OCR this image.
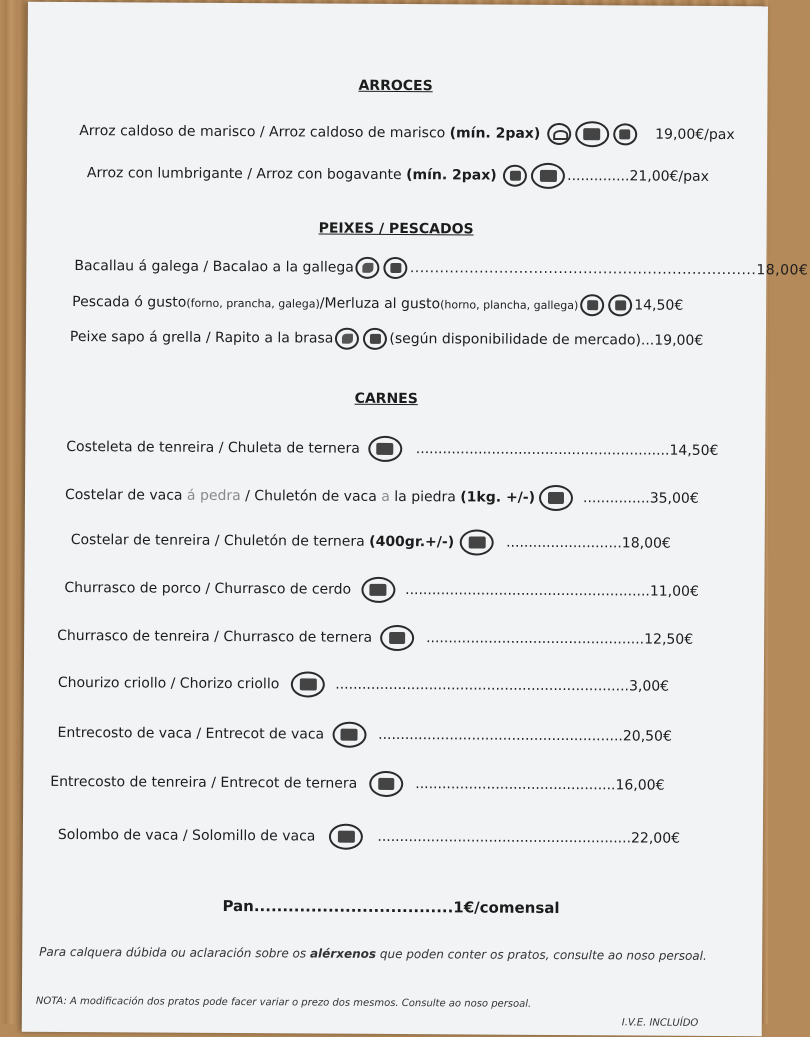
ARROCES
Arroz caldoso de marisco / Arroz caldoso de marisco (mín. 2pax)	19,00€/pax
Arroz con lumbrigante / Arroz con bogavante (mín. 2pax)	..............21,00€/pax
PEIXES / PESCADOS
Bacallau á galega / Bacalao a la gallega	......................................................................18,00€
Pescada ó gusto(forno, prancha, galega)/Merluza al gusto(horno, plancha, gallega)	14,50€
Peixe sapo á grella / Rapito a la brasa	(según disponibilidade de mercado)...19,00€
CARNES
Costeleta de tenreira / Chuleta de ternera	.........................................................14,50€
Costelar de vaca á pedra / Chuletón de vaca a la piedra (1kg. +/-)	...............35,00€
Costelar de tenreira / Chuletón de ternera (400gr.+/-)	..........................18,00€
Churrasco de porco / Churrasco de cerdo	.......................................................11,00€
Churrasco de tenreira / Churrasco de ternera	.................................................12,50€
Chourizo criollo / Chorizo criollo	..................................................................3,00€
Entrecosto de vaca / Entrecot de vaca	.......................................................20,50€
Entrecosto de tenreira / Entrecot de ternera	.............................................16,00€
Solombo de vaca / Solomillo de vaca	.........................................................22,00€
Pan...................................1€/comensal
Para calquera dúbida ou aclaración sobre os alérxenos que poden conter os pratos, consulte ao noso persoal.
NOTA: A modificación dos pratos pode facer variar o prezo dos mesmos. Consulte ao noso persoal.
I.V.E. INCLUÍDO
